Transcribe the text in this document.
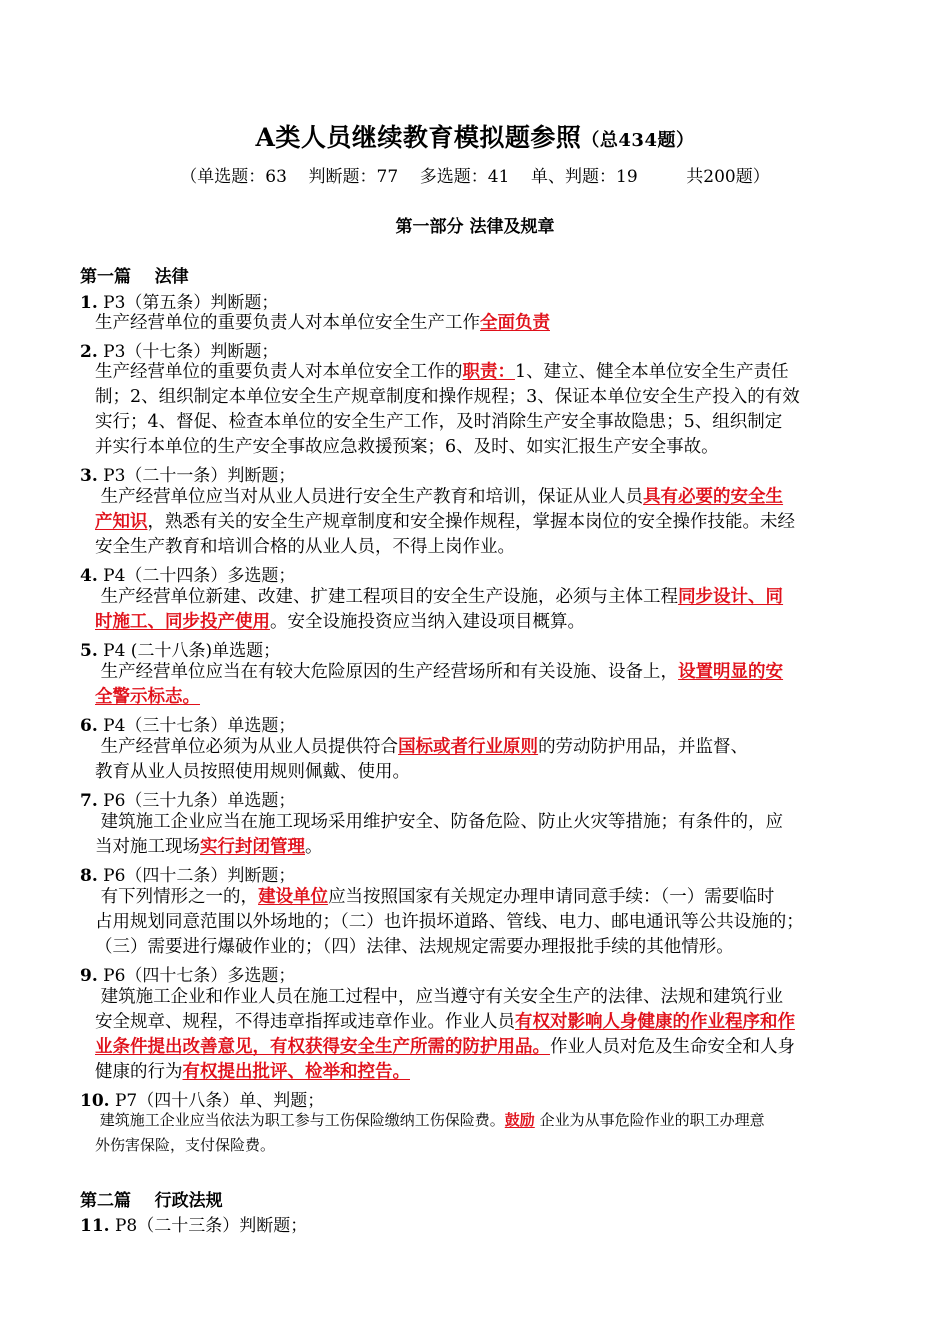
A类人员继续教育模拟题参照（总434题）
（单选题：63    判断题：77    多选题：41    单、判题：19         共200题）
第一部分 法律及规章
第一篇    法律
1. P3（第五条）判断题；
生产经营单位的重要负责人对本单位安全生产工作全面负责
2. P3（十七条）判断题；
生产经营单位的重要负责人对本单位安全工作的职责：1、建立、健全本单位安全生产责任
制；2、组织制定本单位安全生产规章制度和操作规程；3、保证本单位安全生产投入的有效
实行；4、督促、检查本单位的安全生产工作，及时消除生产安全事故隐患；5、组织制定
并实行本单位的生产安全事故应急救援预案；6、及时、如实汇报生产安全事故。
3. P3（二十一条）判断题；
生产经营单位应当对从业人员进行安全生产教育和培训，保证从业人员具有必要的安全生
产知识，熟悉有关的安全生产规章制度和安全操作规程，掌握本岗位的安全操作技能。未经
安全生产教育和培训合格的从业人员，不得上岗作业。
4. P4（二十四条）多选题；
生产经营单位新建、改建、扩建工程项目的安全生产设施，必须与主体工程同步设计、同
时施工、同步投产使用。安全设施投资应当纳入建设项目概算。
5. P4 (二十八条)单选题；
生产经营单位应当在有较大危险原因的生产经营场所和有关设施、设备上，设置明显的安
全警示标志。
6. P4（三十七条）单选题；
生产经营单位必须为从业人员提供符合国标或者行业原则的劳动防护用品，并监督、
教育从业人员按照使用规则佩戴、使用。
7. P6（三十九条）单选题；
建筑施工企业应当在施工现场采用维护安全、防备危险、防止火灾等措施；有条件的，应
当对施工现场实行封闭管理。
8. P6（四十二条）判断题；
有下列情形之一的，建设单位应当按照国家有关规定办理申请同意手续：（一）需要临时
占用规划同意范围以外场地的；（二）也许损坏道路、管线、电力、邮电通讯等公共设施的；
（三）需要进行爆破作业的；（四）法律、法规规定需要办理报批手续的其他情形。
9. P6（四十七条）多选题；
建筑施工企业和作业人员在施工过程中，应当遵守有关安全生产的法律、法规和建筑行业
安全规章、规程，不得违章指挥或违章作业。作业人员有权对影响人身健康的作业程序和作
业条件提出改善意见，有权获得安全生产所需的防护用品。作业人员对危及生命安全和人身
健康的行为有权提出批评、检举和控告。
10. P7（四十八条）单、判题；
建筑施工企业应当依法为职工参与工伤保险缴纳工伤保险费。鼓励 企业为从事危险作业的职工办理意
外伤害保险，支付保险费。
第二篇    行政法规
11. P8（二十三条）判断题；
